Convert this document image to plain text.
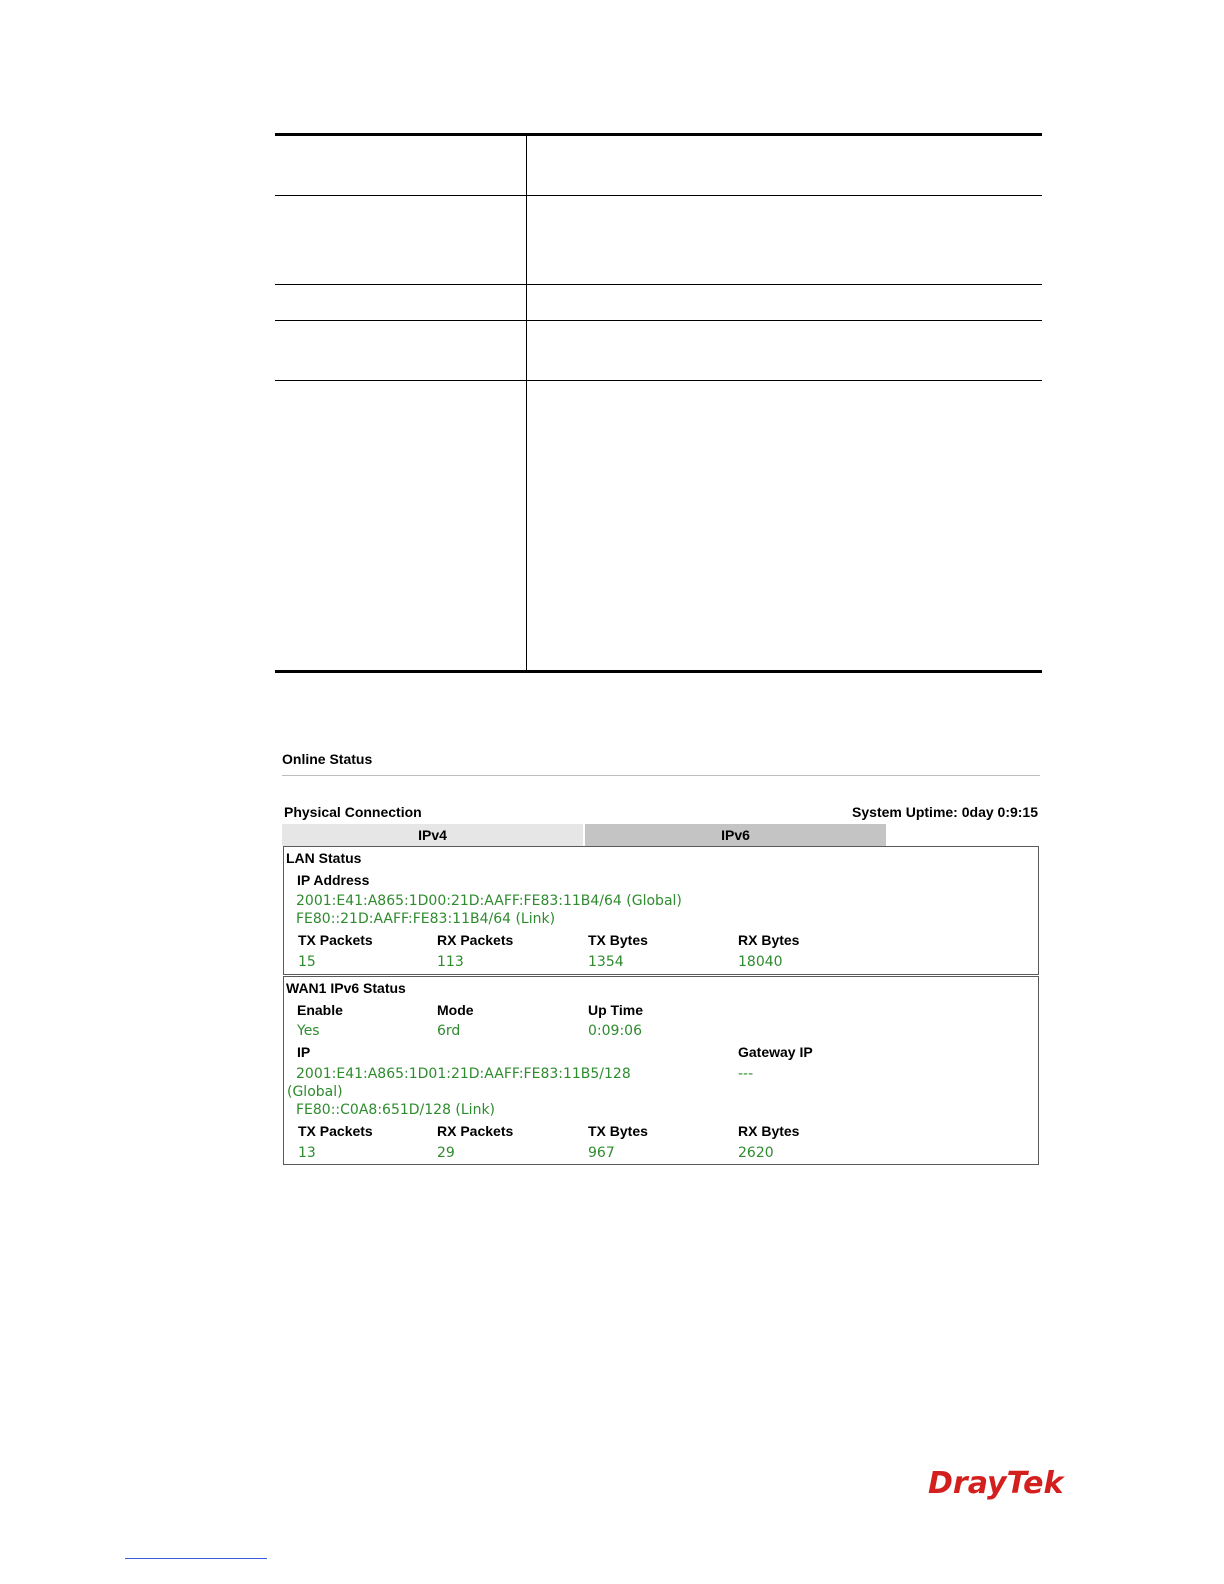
Online Status
Physical Connection	System Uptime: 0day 0:9:15
IPv4	IPv6
LAN Status
IP Address
2001:E41:A865:1D00:21D:AAFF:FE83:11B4/64 (Global)
FE80::21D:AAFF:FE83:11B4/64 (Link)
TX Packets	RX Packets	TX Bytes	RX Bytes
15	113	1354	18040
WAN1 IPv6 Status
Enable	Mode	Up Time
Yes	6rd	0:09:06
IP	Gateway IP
2001:E41:A865:1D01:21D:AAFF:FE83:11B5/128	---
(Global)
FE80::C0A8:651D/128 (Link)
TX Packets	RX Packets	TX Bytes	RX Bytes
13	29	967	2620
DrayTek
